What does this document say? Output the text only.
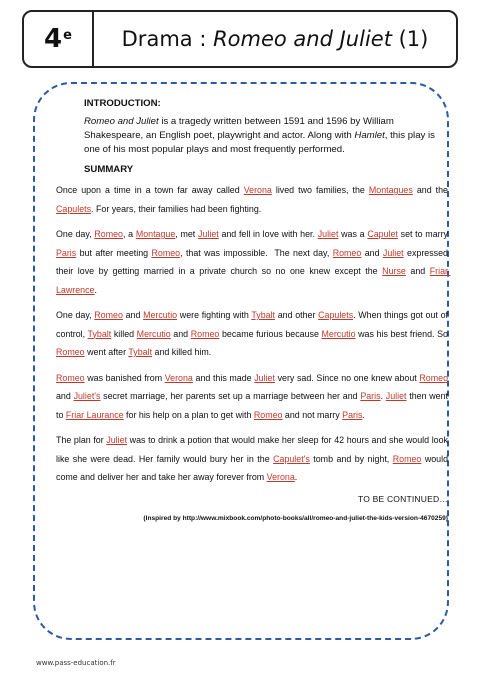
4e Drama : Romeo and Juliet (1)
INTRODUCTION:

Romeo and Juliet is a tragedy written between 1591 and 1596 by William Shakespeare, an English poet, playwright and actor. Along with Hamlet, this play is one of his most popular plays and most frequently performed.

SUMMARY

Once upon a time in a town far away called Verona lived two families, the Montagues and the Capulets. For years, their families had been fighting.

One day, Romeo, a Montague, met Juliet and fell in love with her. Juliet was a Capulet set to marry Paris but after meeting Romeo, that was impossible.  The next day, Romeo and Juliet expressed their love by getting married in a private church so no one knew except the Nurse and Friar Lawrence.

One day, Romeo and Mercutio were fighting with Tybalt and other Capulets. When things got out of control, Tybalt killed Mercutio and Romeo became furious because Mercutio was his best friend. So Romeo went after Tybalt and killed him.

Romeo was banished from Verona and this made Juliet very sad. Since no one knew about Romeo and Juliet's secret marriage, her parents set up a marriage between her and Paris. Juliet then went to Friar Laurance for his help on a plan to get with Romeo and not marry Paris.

The plan for Juliet was to drink a potion that would make her sleep for 42 hours and she would look like she were dead. Her family would bury her in the Capulet's tomb and by night, Romeo would come and deliver her and take her away forever from Verona.

TO BE CONTINUED…
(Inspired by http://www.mixbook.com/photo-books/all/romeo-and-juliet-the-kids-version-4670259)
www.pass-education.fr
